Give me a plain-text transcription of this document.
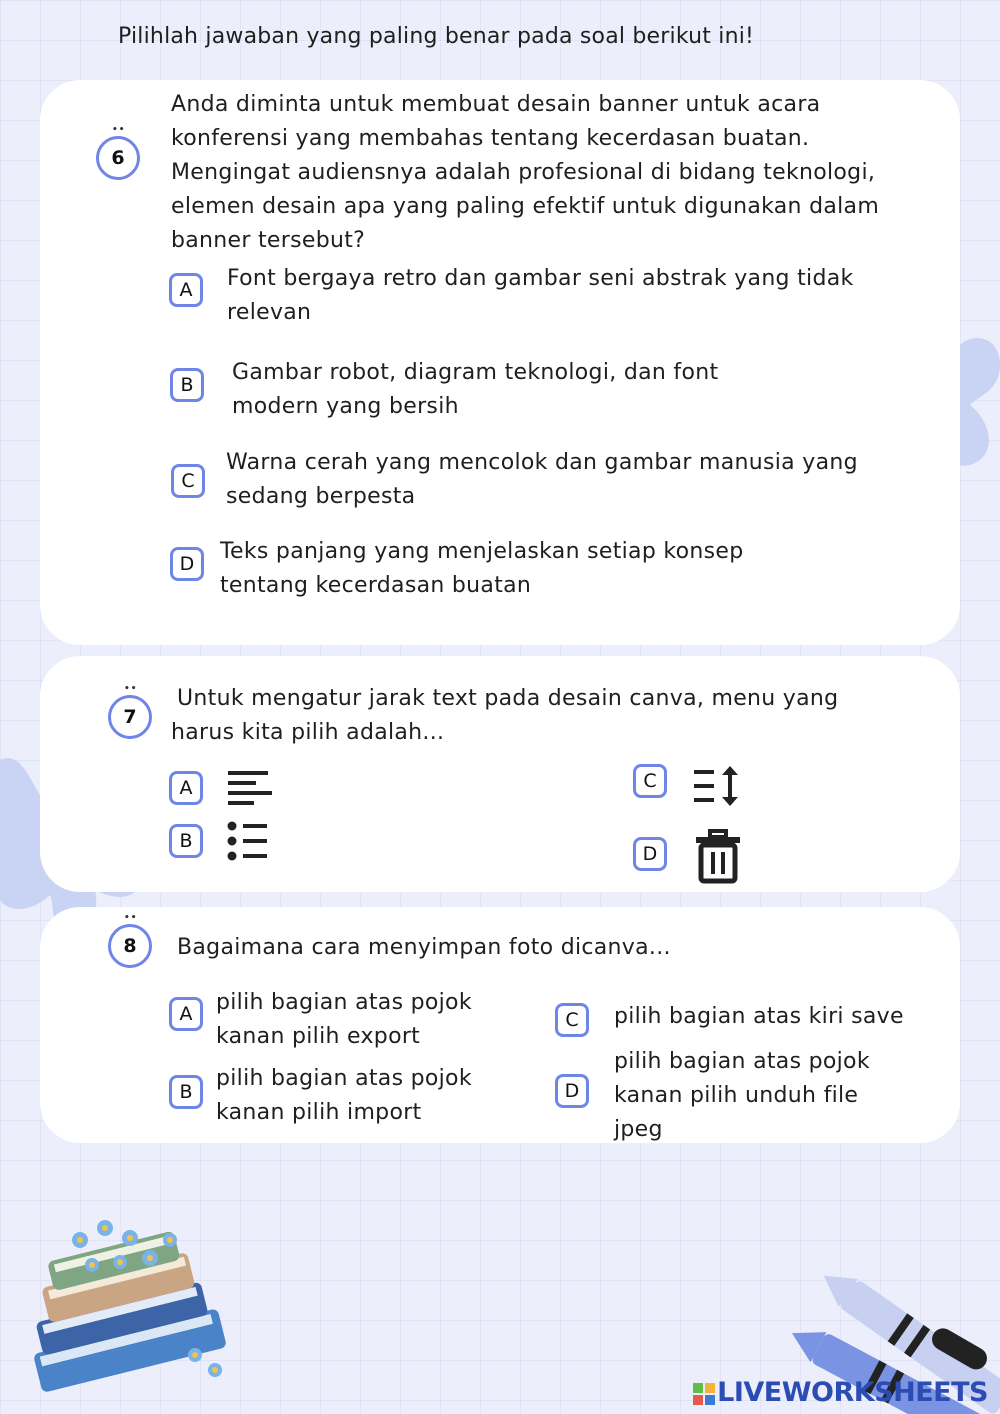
Pilihlah jawaban yang paling benar pada soal berikut ini!
•• 6
Anda diminta untuk membuat desain banner untuk acara konferensi yang membahas tentang kecerdasan buatan. Mengingat audiensnya adalah profesional di bidang teknologi, elemen desain apa yang paling efektif untuk digunakan dalam banner tersebut?
A	Font bergaya retro dan gambar seni abstrak yang tidak relevan
B	Gambar robot, diagram teknologi, dan font modern yang bersih
C
Warna cerah yang mencolok dan gambar manusia yang sedang berpesta
D	Teks panjang yang menjelaskan setiap konsep tentang kecerdasan buatan
•• 7
Untuk mengatur jarak text pada desain canva, menu yang harus kita pilih adalah...
A
B
C
D
•• 8	Bagaimana cara menyimpan foto dicanva...
A	pilih bagian atas pojok kanan pilih export
B
pilih bagian atas pojok kanan pilih import
C	pilih bagian atas kiri save
D
pilih bagian atas pojok kanan pilih unduh file jpeg
LIVEWORKSHEETS
